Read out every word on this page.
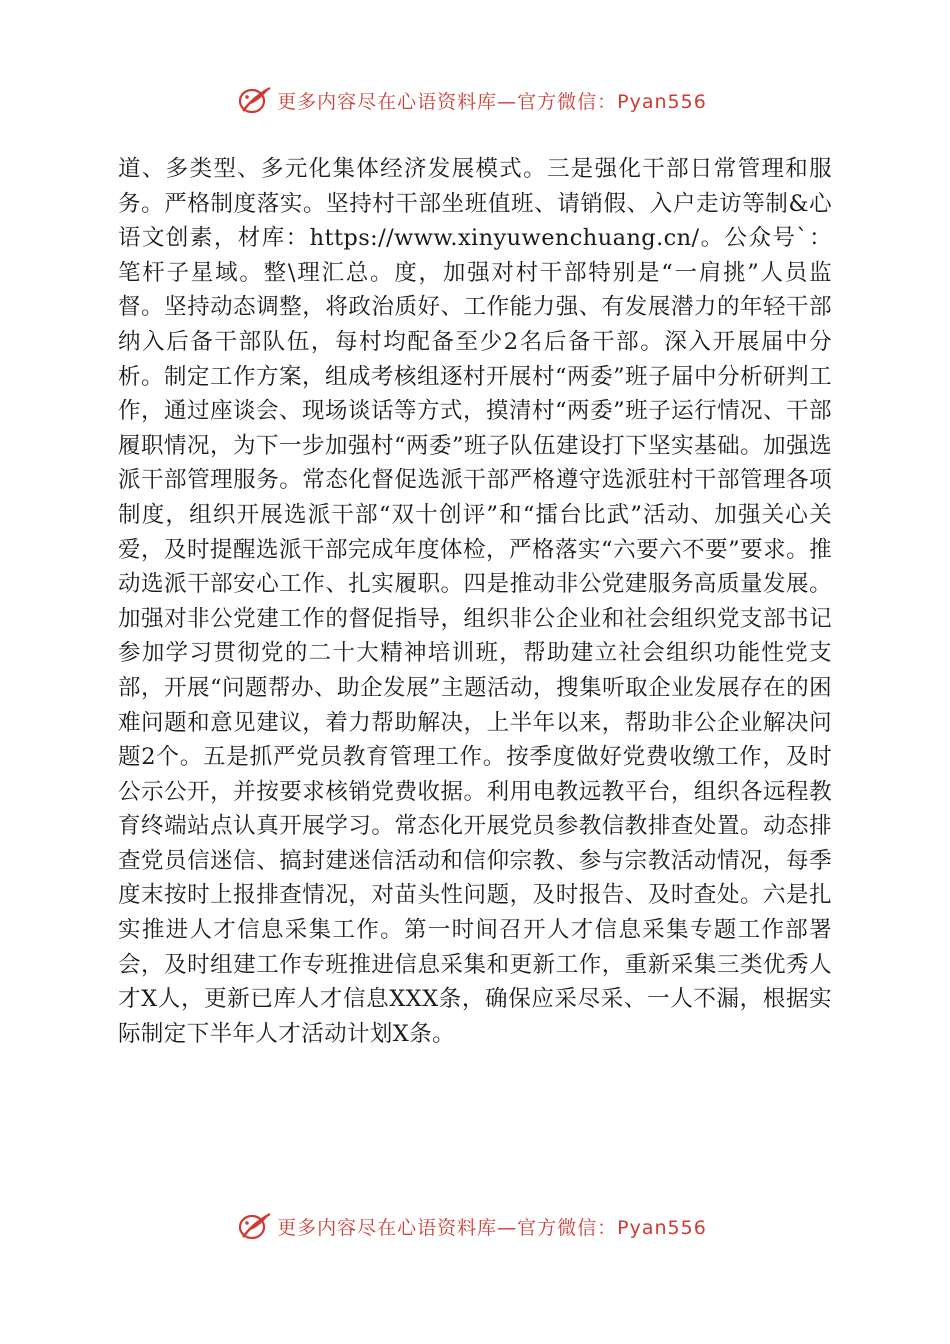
更多内容尽在心语资料库—官方微信：Pyan556

道、多类型、多元化集体经济发展模式。三是强化干部日常管理和服务。严格制度落实。坚持村干部坐班值班、请销假、入户走访等制&心语文创素，材库：https://www.xinyuwenchuang.cn/。公众号`：笔杆子星域。整\理汇总。度，加强对村干部特别是“一肩挑”人员监督。坚持动态调整，将政治质好、工作能力强、有发展潜力的年轻干部纳入后备干部队伍，每村均配备至少2名后备干部。深入开展届中分析。制定工作方案，组成考核组逐村开展村“两委”班子届中分析研判工作，通过座谈会、现场谈话等方式，摸清村“两委”班子运行情况、干部履职情况，为下一步加强村“两委”班子队伍建设打下坚实基础。加强选派干部管理服务。常态化督促选派干部严格遵守选派驻村干部管理各项制度，组织开展选派干部“双十创评”和“擂台比武”活动、加强关心关爱，及时提醒选派干部完成年度体检，严格落实“六要六不要”要求。推动选派干部安心工作、扎实履职。四是推动非公党建服务高质量发展。加强对非公党建工作的督促指导，组织非公企业和社会组织党支部书记参加学习贯彻党的二十大精神培训班，帮助建立社会组织功能性党支部，开展“问题帮办、助企发展”主题活动，搜集听取企业发展存在的困难问题和意见建议，着力帮助解决，上半年以来，帮助非公企业解决问题2个。五是抓严党员教育管理工作。按季度做好党费收缴工作，及时公示公开，并按要求核销党费收据。利用电教远教平台，组织各远程教育终端站点认真开展学习。常态化开展党员参教信教排查处置。动态排查党员信迷信、搞封建迷信活动和信仰宗教、参与宗教活动情况，每季度末按时上报排查情况，对苗头性问题，及时报告、及时查处。六是扎实推进人才信息采集工作。第一时间召开人才信息采集专题工作部署会，及时组建工作专班推进信息采集和更新工作，重新采集三类优秀人才X人，更新已库人才信息XXX条，确保应采尽采、一人不漏，根据实际制定下半年人才活动计划X条。

更多内容尽在心语资料库—官方微信：Pyan556
